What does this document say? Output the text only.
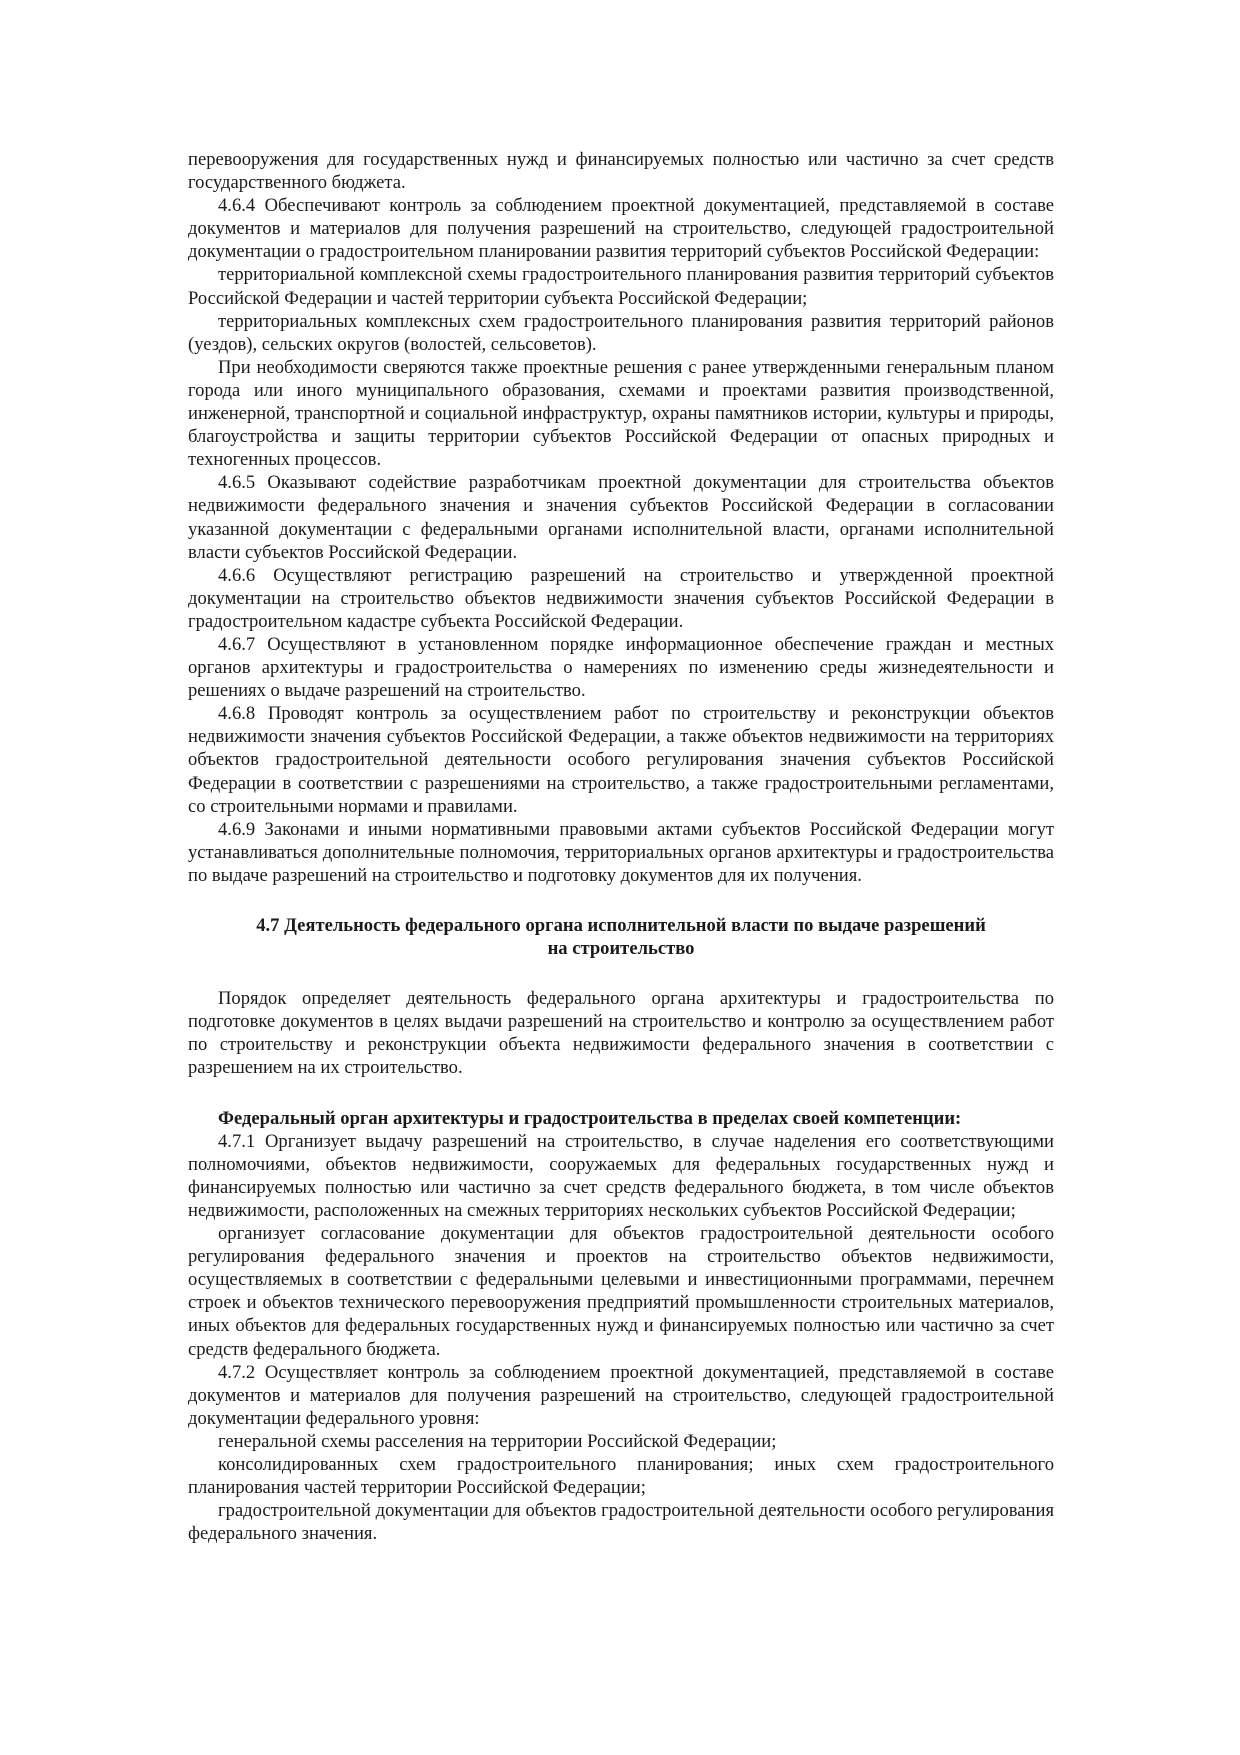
перевооружения для государственных нужд и финансируемых полностью или частично за счет средств государственного бюджета.

4.6.4 Обеспечивают контроль за соблюдением проектной документацией, представляемой в составе документов и материалов для получения разрешений на строительство, следующей градостроительной документации о градостроительном планировании развития территорий субъектов Российской Федерации:

территориальной комплексной схемы градостроительного планирования развития территорий субъектов Российской Федерации и частей территории субъекта Российской Федерации;

территориальных комплексных схем градостроительного планирования развития территорий районов (уездов), сельских округов (волостей, сельсоветов).

При необходимости сверяются также проектные решения с ранее утвержденными генеральным планом города или иного муниципального образования, схемами и проектами развития производственной, инженерной, транспортной и социальной инфраструктур, охраны памятников истории, культуры и природы, благоустройства и защиты территории субъектов Российской Федерации от опасных природных и техногенных процессов.

4.6.5 Оказывают содействие разработчикам проектной документации для строительства объектов недвижимости федерального значения и значения субъектов Российской Федерации в согласовании указанной документации с федеральными органами исполнительной власти, органами исполнительной власти субъектов Российской Федерации.

4.6.6 Осуществляют регистрацию разрешений на строительство и утвержденной проектной документации на строительство объектов недвижимости значения субъектов Российской Федерации в градостроительном кадастре субъекта Российской Федерации.

4.6.7 Осуществляют в установленном порядке информационное обеспечение граждан и местных органов архитектуры и градостроительства о намерениях по изменению среды жизнедеятельности и решениях о выдаче разрешений на строительство.

4.6.8 Проводят контроль за осуществлением работ по строительству и реконструкции объектов недвижимости значения субъектов Российской Федерации, а также объектов недвижимости на территориях объектов градостроительной деятельности особого регулирования значения субъектов Российской Федерации в соответствии с разрешениями на строительство, а также градостроительными регламентами, со строительными нормами и правилами.

4.6.9 Законами и иными нормативными правовыми актами субъектов Российской Федерации могут устанавливаться дополнительные полномочия, территориальных органов архитектуры и градостроительства по выдаче разрешений на строительство и подготовку документов для их получения.

4.7 Деятельность федерального органа исполнительной власти по выдаче разрешений
на строительство

Порядок определяет деятельность федерального органа архитектуры и градостроительства по подготовке документов в целях выдачи разрешений на строительство и контролю за осуществлением работ по строительству и реконструкции объекта недвижимости федерального значения в соответствии с разрешением на их строительство.

Федеральный орган архитектуры и градостроительства в пределах своей компетенции:

4.7.1 Организует выдачу разрешений на строительство, в случае наделения его соответствующими полномочиями, объектов недвижимости, сооружаемых для федеральных государственных нужд и финансируемых полностью или частично за счет средств федерального бюджета, в том числе объектов недвижимости, расположенных на смежных территориях нескольких субъектов Российской Федерации;

организует согласование документации для объектов градостроительной деятельности особого регулирования федерального значения и проектов на строительство объектов недвижимости, осуществляемых в соответствии с федеральными целевыми и инвестиционными программами, перечнем строек и объектов технического перевооружения предприятий промышленности строительных материалов, иных объектов для федеральных государственных нужд и финансируемых полностью или частично за счет средств федерального бюджета.

4.7.2 Осуществляет контроль за соблюдением проектной документацией, представляемой в составе документов и материалов для получения разрешений на строительство, следующей градостроительной документации федерального уровня:

генеральной схемы расселения на территории Российской Федерации;

консолидированных схем градостроительного планирования; иных схем градостроительного планирования частей территории Российской Федерации;

градостроительной документации для объектов градостроительной деятельности особого регулирования федерального значения.
